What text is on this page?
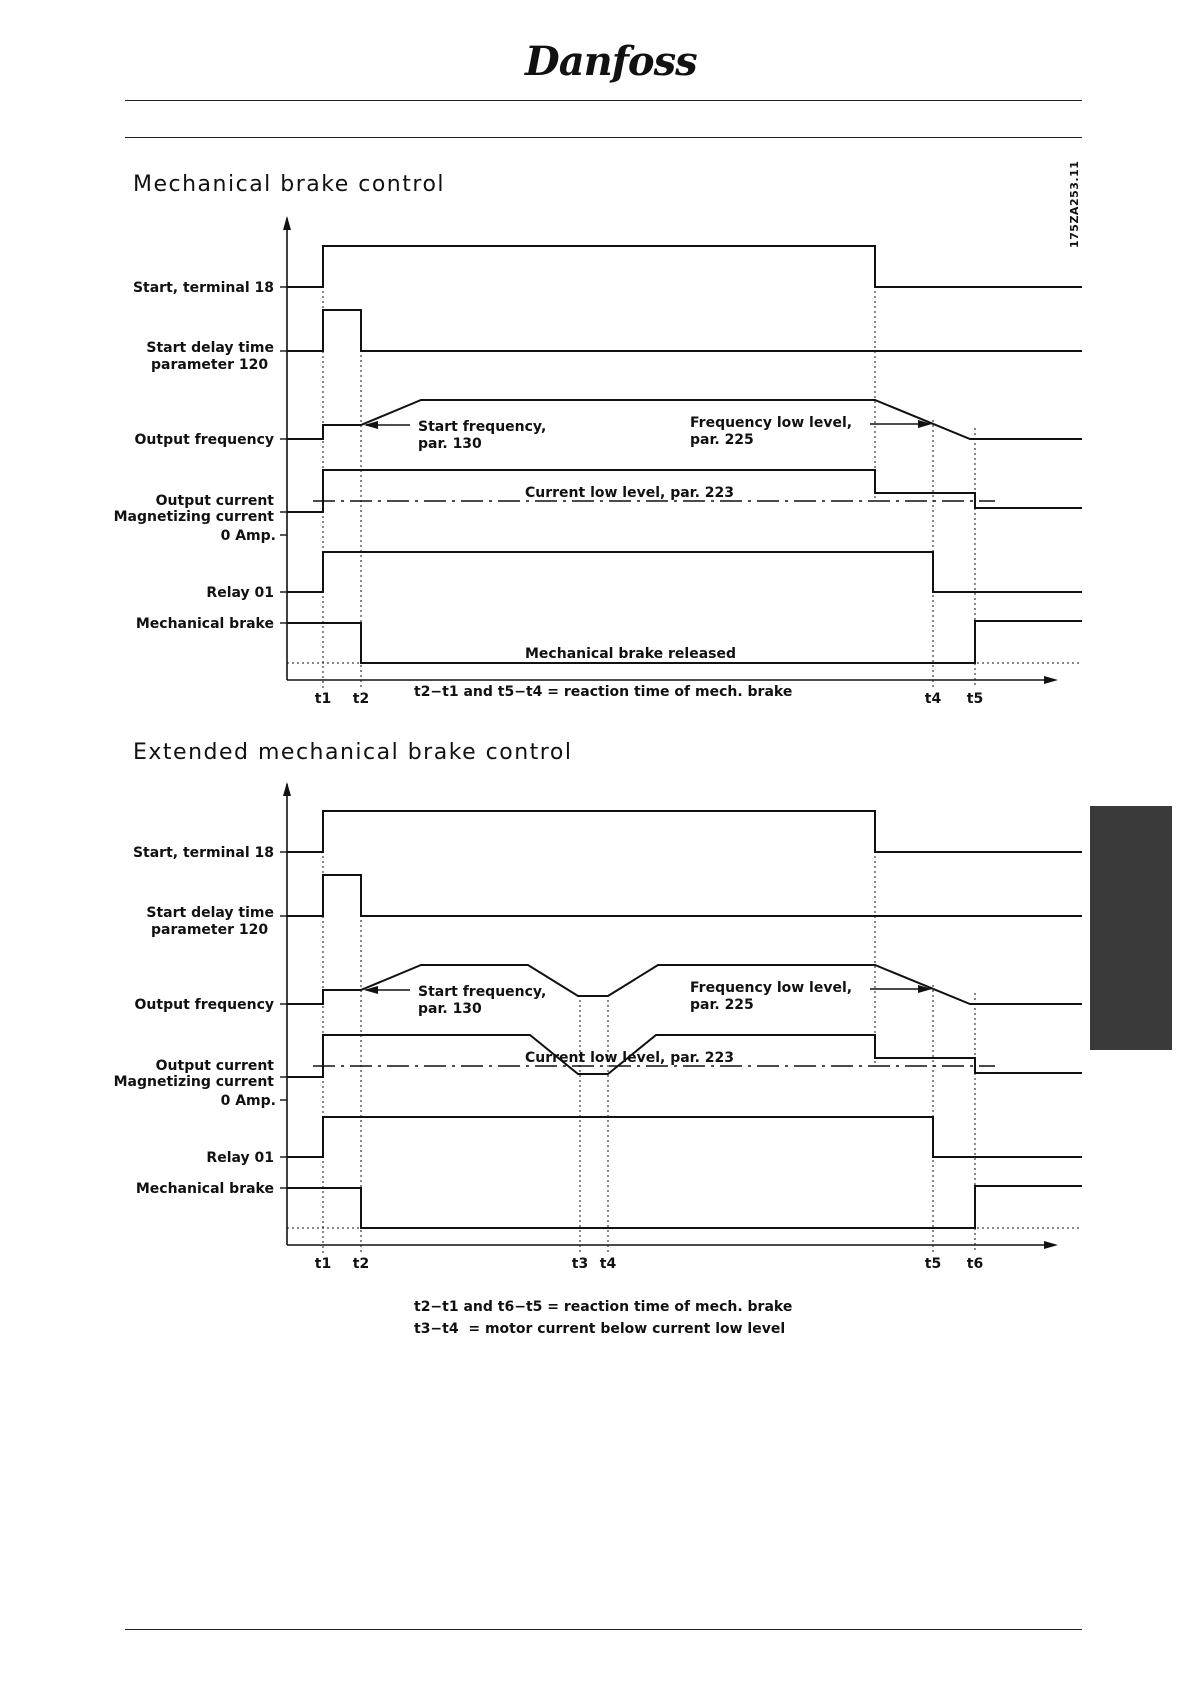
Danfoss
175ZA253.11
Mechanical brake control
Extended mechanical brake control
Start, terminal 18
Start delay time
parameter 120
Output frequency
Output current
Magnetizing current
0 Amp.
Relay 01
Mechanical brake
Start frequency,
par. 130
Frequency low level,
par. 225
Current low level, par. 223
Mechanical brake released
t2−t1 and t5−t4 = reaction time of mech. brake
t1 t2	t4 t5
Start, terminal 18
Start delay time
parameter 120
Output frequency
Output current
Magnetizing current
0 Amp.
Relay 01
Mechanical brake
Start frequency,
par. 130
Frequency low level,
par. 225
Current low level, par. 223
t1 t2	t3 t4	t5 t6
t2−t1 and t6−t5 = reaction time of mech. brake
t3−t4  = motor current below current low level
